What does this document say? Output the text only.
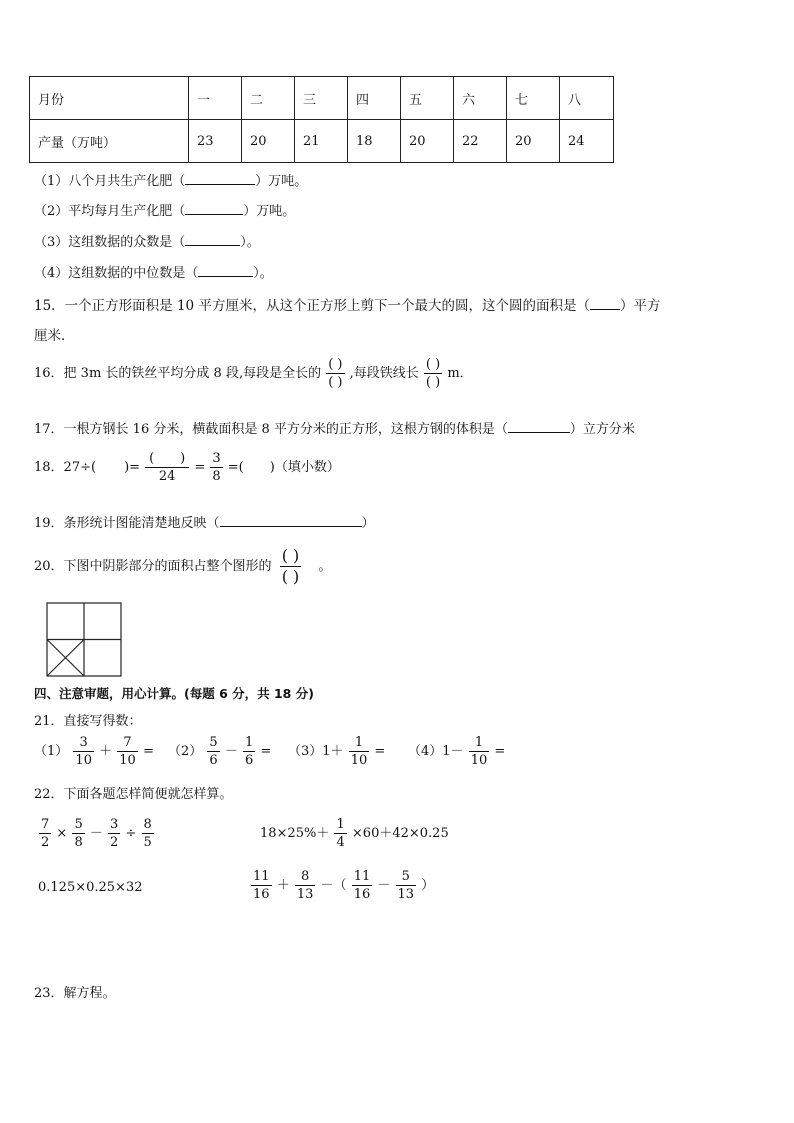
月份	一	二	三	四	五	六	七	八
产量（万吨）	23	20	21	18	20	22	20	24
（1）八个月共生产化肥（	）万吨。
（2）平均每月生产化肥（	）万吨。
（3）这组数据的众数是（	）。
（4）这组数据的中位数是（	）。
15．一个正方形面积是 10 平方厘米，从这个正方形上剪下一个最大的圆，这个圆的面积是（ ）平方
厘米．
16．把 3m 长的铁丝平均分成 8 段,每段是全长的 $\frac{( )}{( )}$ ,每段铁线长 $\frac{( )}{( )}$ m．
17．一根方钢长 16 分米，横截面积是 8 平方分米的正方形，这根方钢的体积是（	）立方分米
18．27÷( )= $\frac{( )}{24} = \frac{3}{8}$ =( )（填小数）
19．条形统计图能清楚地反映（	）
20．下图中阴影部分的面积占整个图形的 $\frac{( )}{( )}$ 。
四、注意审题，用心计算。(每题 6 分，共 18 分)
21．直接写得数：
$(1) \frac{3}{10} + \frac{7}{10} = (2) \frac{5}{6} - \frac{1}{6} = (3)1+ \frac{1}{10} = (4)1- \frac{1}{10}$ =
22．下面各题怎样简便就怎样算。
$\frac{7}{2} \times \frac{5}{8} - \frac{3}{2} \div \frac{8}{5}$	$18\times 25\%+ \frac{1}{4} \times 60+42\times 0.25$
0.125×0.25×32	$\frac{11}{16} + \frac{8}{13}$ －（ $\frac{11}{16} - \frac{5}{13}$ ）
23．解方程。
